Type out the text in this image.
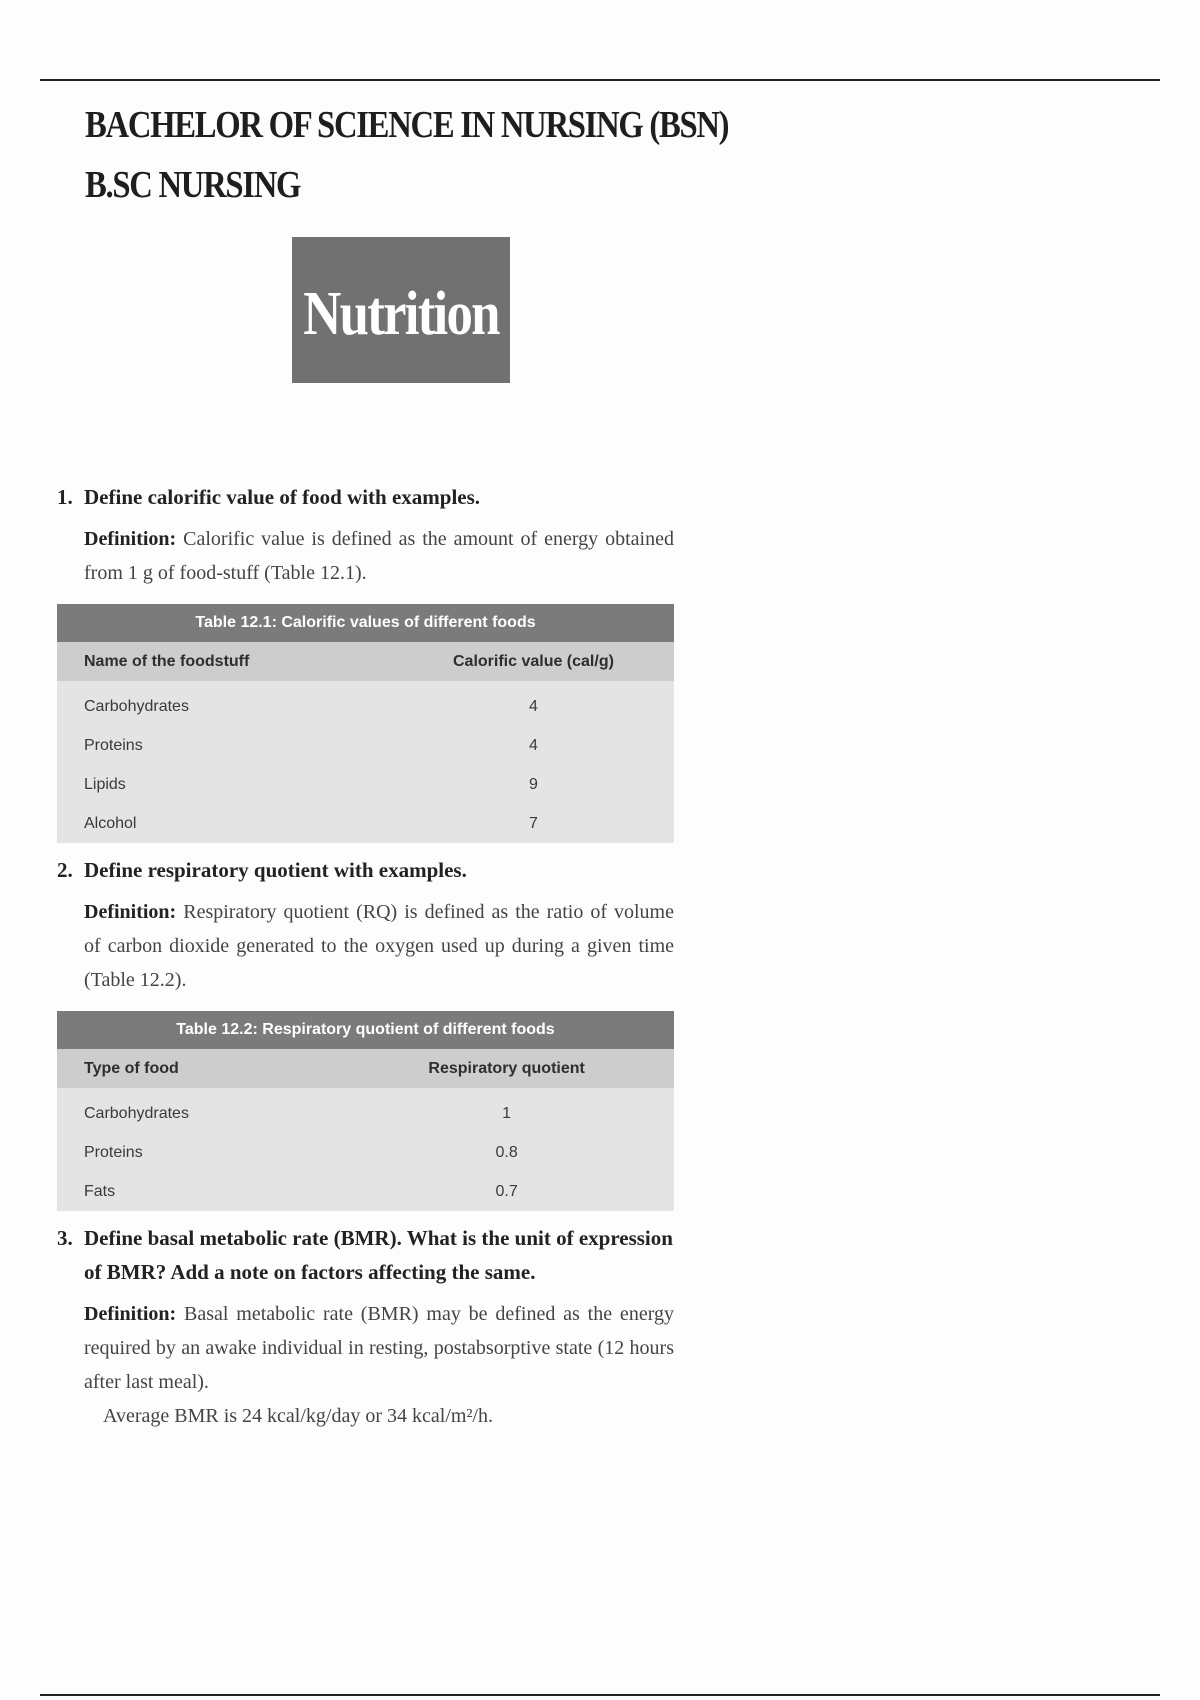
BACHELOR OF SCIENCE IN NURSING (BSN)
B.SC NURSING
Nutrition
1. Define calorific value of food with examples.

Definition: Calorific value is defined as the amount of energy obtained from 1 g of food-stuff (Table 12.1).

Table 12.1: Calorific values of different foods
Name of the foodstuff	Calorific value (cal/g)
Carbohydrates	4
Proteins	4
Lipids	9
Alcohol	7
2. Define respiratory quotient with examples.

Definition: Respiratory quotient (RQ) is defined as the ratio of volume of carbon dioxide generated to the oxygen used up during a given time (Table 12.2).

Table 12.2: Respiratory quotient of different foods
Type of food	Respiratory quotient
Carbohydrates	1
Proteins	0.8
Fats	0.7
3. Define basal metabolic rate (BMR). What is the unit of expression of BMR? Add a note on factors affecting the same.

Definition: Basal metabolic rate (BMR) may be defined as the energy required by an awake individual in resting, postabsorptive state (12 hours after last meal).

Average BMR is 24 kcal/kg/day or 34 kcal/m²/h.
